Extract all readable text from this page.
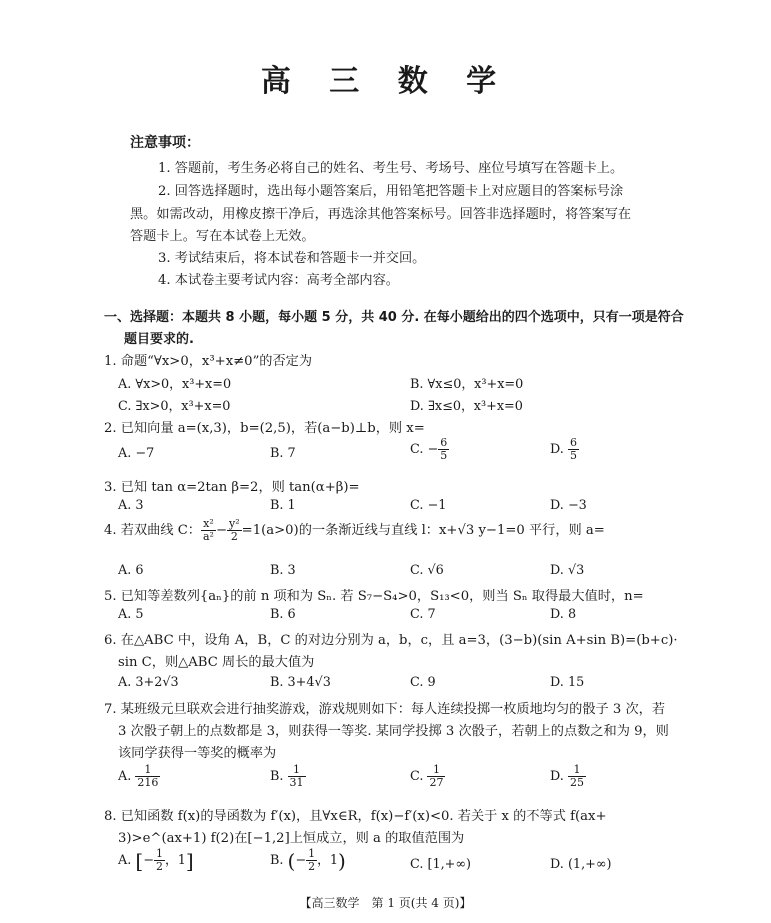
高 三 数 学
注意事项：
1. 答题前，考生务必将自己的姓名、考生号、考场号、座位号填写在答题卡上。
2. 回答选择题时，选出每小题答案后，用铅笔把答题卡上对应题目的答案标号涂
黑。如需改动，用橡皮擦干净后，再选涂其他答案标号。回答非选择题时，将答案写在
答题卡上。写在本试卷上无效。
3. 考试结束后，将本试卷和答题卡一并交回。
4. 本试卷主要考试内容：高考全部内容。
一、选择题：本题共 8 小题，每小题 5 分，共 40 分. 在每小题给出的四个选项中，只有一项是符合
题目要求的.
1. 命题“∀x>0，x³+x≠0”的否定为
A. ∀x>0，x³+x=0	B. ∀x≤0，x³+x=0
C. ∃x>0，x³+x=0	D. ∃x≤0，x³+x=0
2. 已知向量 a=(x,3)，b=(2,5)，若(a−b)⊥b，则 x=
A. −7	B. 7	C. − $\frac{6}{5}$	D. $\frac{6}{5}$
3. 已知 tan α=2tan β=2，则 tan(α+β)=
A. 3	B. 1	C. −1	D. −3
4. 若双曲线 C： $\frac{\text{x²}}{\text{a²}} - \frac{\text{y²}}{2} =1(a>0)$的一条渐近线与直线 l：x+√3 y−1=0 平行，则 a=
A. 6	B. 3	C. √6	D. √3
5. 已知等差数列{aₙ}的前 n 项和为 Sₙ. 若 S₇−S₄>0，S₁₃<0，则当 Sₙ 取得最大值时，n=
A. 5	B. 6	C. 7	D. 8
6. 在△ABC 中，设角 A，B，C 的对边分别为 a，b，c，且 a=3，(3−b)(sin A+sin B)=(b+c)·
sin C，则△ABC 周长的最大值为
A. 3+2√3	B. 3+4√3	C. 9	D. 15
7. 某班级元旦联欢会进行抽奖游戏，游戏规则如下：每人连续投掷一枚质地均匀的骰子 3 次，若
3 次骰子朝上的点数都是 3，则获得一等奖. 某同学投掷 3 次骰子，若朝上的点数之和为 9，则
该同学获得一等奖的概率为
A. $\frac{1}{216}$	B. $\frac{1}{31}$	C. $\frac{1}{27}$	D. $\frac{1}{25}$
8. 已知函数 f(x)的导函数为 f′(x)，且∀x∈R，f(x)−f′(x)<0. 若关于 x 的不等式 f(ax+
3)>e^(ax+1) f(2)在[−1,2]上恒成立，则 a 的取值范围为
A. [− $\frac{1}{2}$ ，1]	B. (− $\frac{1}{2}$ ，1)	C. [1,+∞)	D. (1,+∞)
【高三数学　第 1 页(共 4 页)】
